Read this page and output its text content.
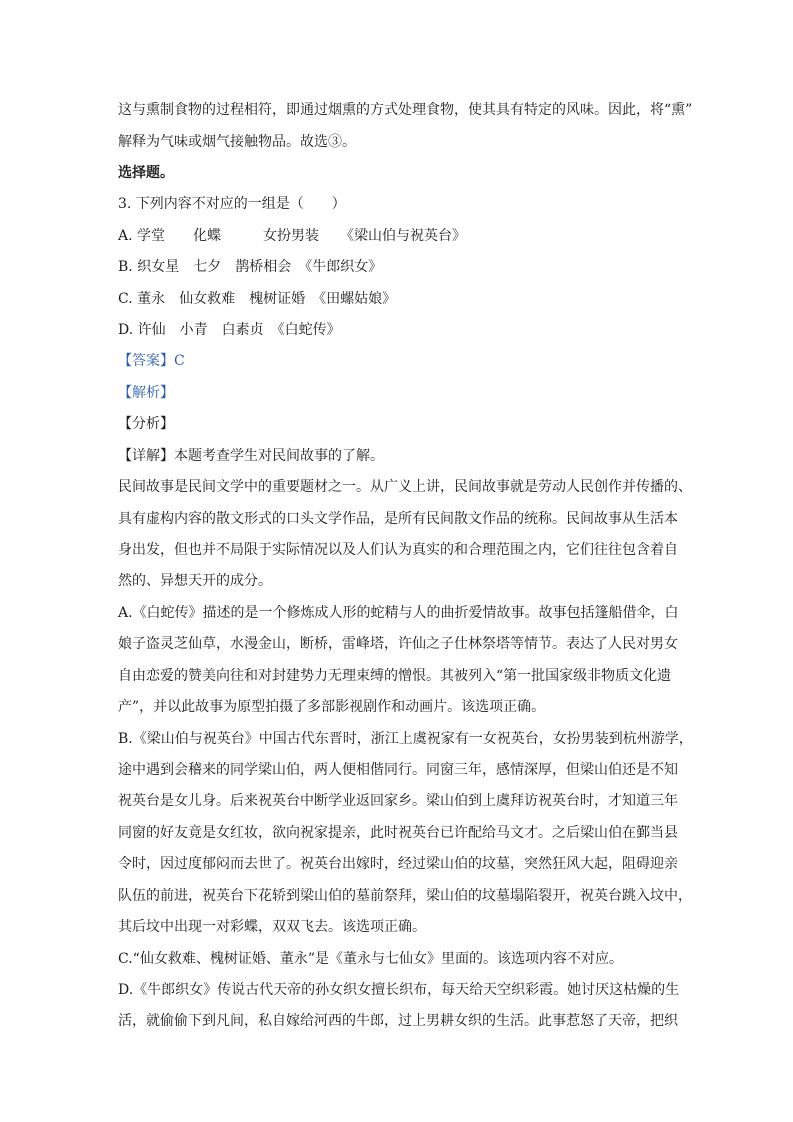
这与熏制食物的过程相符，即通过烟熏的方式处理食物，使其具有特定的风味。因此，将“熏”
解释为气味或烟气接触物品。故选③。
选择题。
3. 下列内容不对应的一组是（　　）
A. 学堂　　化蝶　　　女扮男装　　《梁山伯与祝英台》
B. 织女星　七夕　鹊桥相会　《牛郎织女》
C. 董永　仙女救难　槐树证婚　《田螺姑娘》
D. 许仙　小青　白素贞　《白蛇传》
【答案】C
【解析】
【分析】
【详解】本题考查学生对民间故事的了解。
民间故事是民间文学中的重要题材之一。从广义上讲，民间故事就是劳动人民创作并传播的、
具有虚构内容的散文形式的口头文学作品，是所有民间散文作品的统称。民间故事从生活本
身出发，但也并不局限于实际情况以及人们认为真实的和合理范围之内，它们往往包含着自
然的、异想天开的成分。
A.《白蛇传》描述的是一个修炼成人形的蛇精与人的曲折爱情故事。故事包括篷船借伞，白
娘子盗灵芝仙草，水漫金山，断桥，雷峰塔，许仙之子仕林祭塔等情节。表达了人民对男女
自由恋爱的赞美向往和对封建势力无理束缚的憎恨。其被列入“第一批国家级非物质文化遗
产”，并以此故事为原型拍摄了多部影视剧作和动画片。该选项正确。
B.《梁山伯与祝英台》中国古代东晋时，浙江上虞祝家有一女祝英台，女扮男装到杭州游学，
途中遇到会稽来的同学梁山伯，两人便相偕同行。同窗三年，感情深厚，但梁山伯还是不知
祝英台是女儿身。后来祝英台中断学业返回家乡。梁山伯到上虞拜访祝英台时，才知道三年
同窗的好友竟是女红妆，欲向祝家提亲，此时祝英台已许配给马文才。之后梁山伯在鄞当县
令时，因过度郁闷而去世了。祝英台出嫁时，经过梁山伯的坟墓，突然狂风大起，阻碍迎亲
队伍的前进，祝英台下花轿到梁山伯的墓前祭拜，梁山伯的坟墓塌陷裂开，祝英台跳入坟中，
其后坟中出现一对彩蝶，双双飞去。该选项正确。
C.“仙女救难、槐树证婚、董永”是《董永与七仙女》里面的。该选项内容不对应。
D.《牛郎织女》传说古代天帝的孙女织女擅长织布，每天给天空织彩霞。她讨厌这枯燥的生
活，就偷偷下到凡间，私自嫁给河西的牛郎，过上男耕女织的生活。此事惹怒了天帝，把织
